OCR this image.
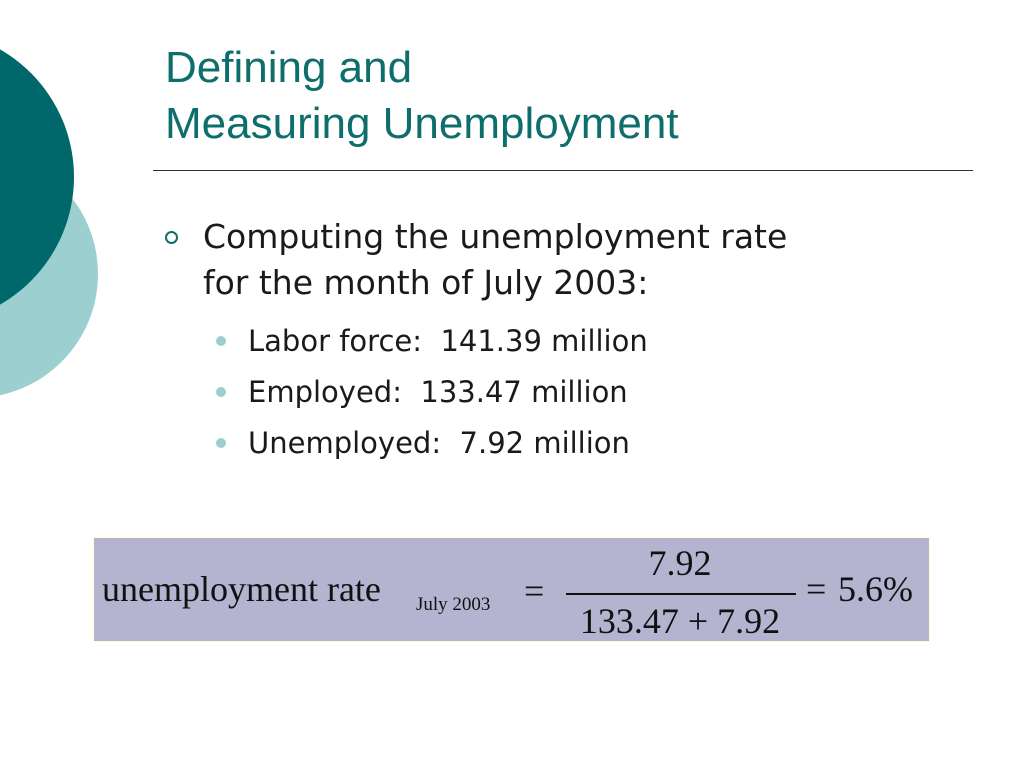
Defining and
Measuring Unemployment
Computing the unemployment rate
for the month of July 2003:
Labor force:  141.39 million
Employed:  133.47 million
Unemployed:  7.92 million
unemployment rate July 2003 =
7.92
133.47 + 7.92
= 5.6%
